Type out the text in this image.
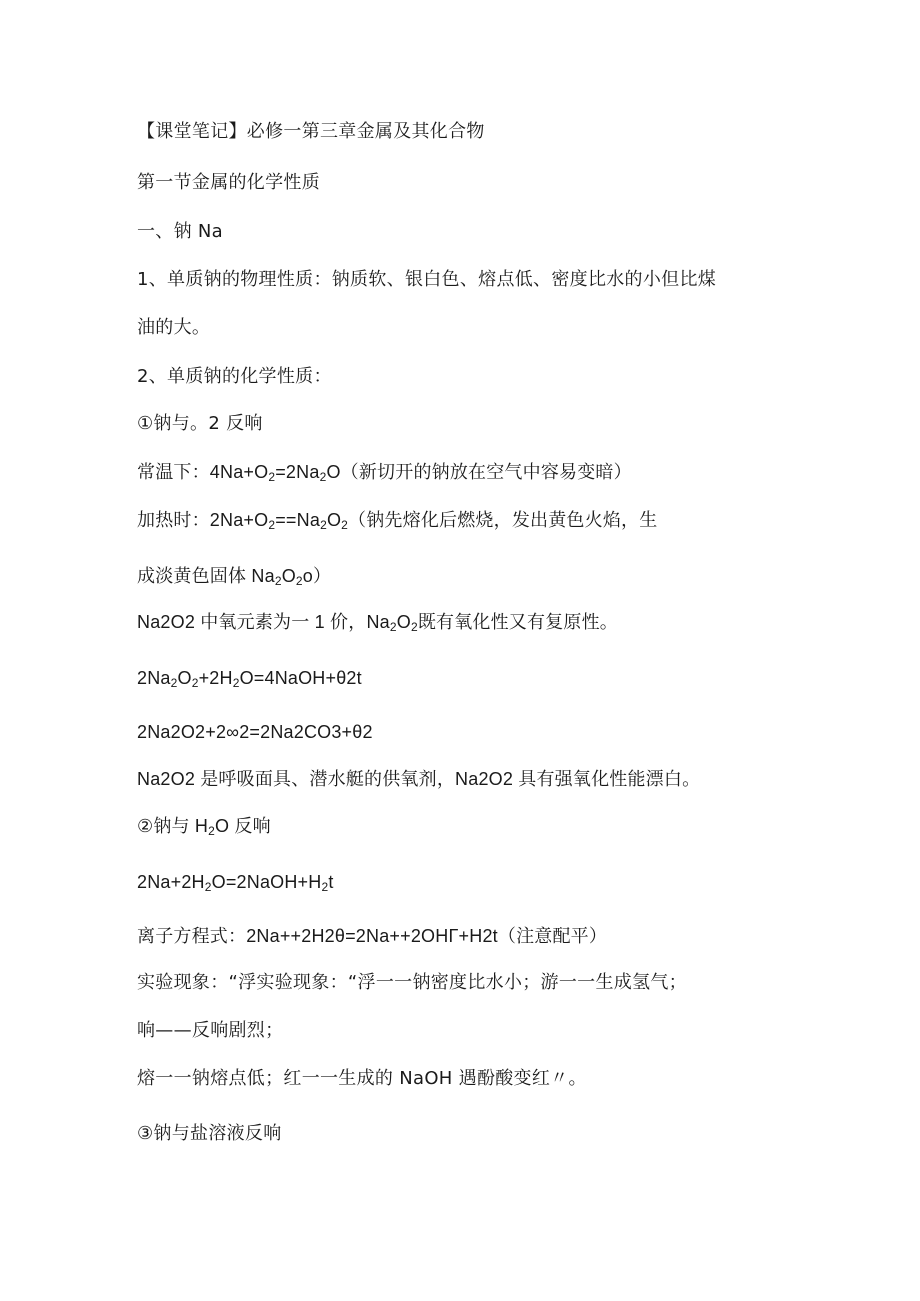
【课堂笔记】必修一第三章金属及其化合物
第一节金属的化学性质
一、钠 Na
1、单质钠的物理性质：钠质软、银白色、熔点低、密度比水的小但比煤
油的大。
2、单质钠的化学性质：
①钠与。2 反响
常温下：$4Na+O_2=2Na_2O$（新切开的钠放在空气中容易变暗）
加热时：$2Na+O_2==Na_2O_2$（钠先熔化后燃烧，发出黄色火焰，生
成淡黄色固体 $Na_2O_2o$）
Na2O2 中氧元素为一 1 价，$Na_2O_2$既有氧化性又有复原性。
$2Na_2O_2+2H_2O=4NaOH+\theta 2t$
2Na2O2+2∞2=2Na2CO3+θ2
Na2O2 是呼吸面具、潜水艇的供氧剂，Na2O2 具有强氧化性能漂白。
②钠与 $H_2O$ 反响
$2Na+2H_2O=2NaOH+H_2t$
离子方程式：2Na++2H2θ=2Na++2OHΓ+H2t（注意配平）
实验现象：“浮实验现象：“浮一一钠密度比水小；游一一生成氢气；
响——反响剧烈；
熔一一钠熔点低；红一一生成的 NaOH 遇酚酸变红〃。
③钠与盐溶液反响
